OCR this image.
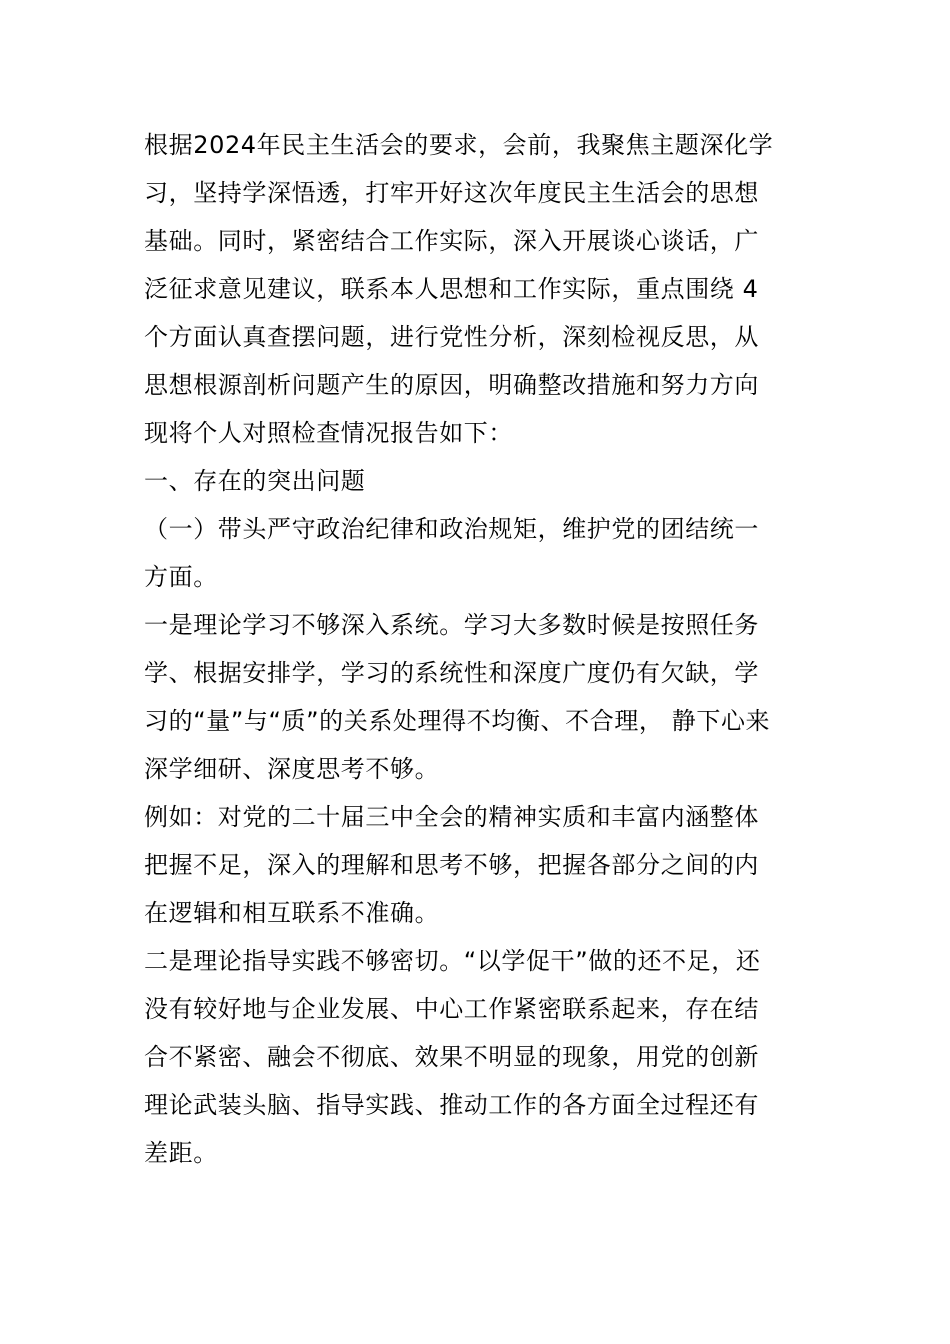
根据2024年民主生活会的要求，会前，我聚焦主题深化学
习，坚持学深悟透，打牢开好这次年度民主生活会的思想
基础。同时，紧密结合工作实际，深入开展谈心谈话，广
泛征求意见建议，联系本人思想和工作实际，重点围绕 4
个方面认真查摆问题，进行党性分析，深刻检视反思，从
思想根源剖析问题产生的原因，明确整改措施和努力方向
现将个人对照检查情况报告如下：
一、存在的突出问题
（一）带头严守政治纪律和政治规矩，维护党的团结统一
方面。
一是理论学习不够深入系统。学习大多数时候是按照任务
学、根据安排学，学习的系统性和深度广度仍有欠缺，学
习的“量”与“质”的关系处理得不均衡、不合理， 静下心来
深学细研、深度思考不够。
例如：对党的二十届三中全会的精神实质和丰富内涵整体
把握不足，深入的理解和思考不够，把握各部分之间的内
在逻辑和相互联系不准确。
二是理论指导实践不够密切。“以学促干”做的还不足，还
没有较好地与企业发展、中心工作紧密联系起来，存在结
合不紧密、融会不彻底、效果不明显的现象，用党的创新
理论武装头脑、指导实践、推动工作的各方面全过程还有
差距。
